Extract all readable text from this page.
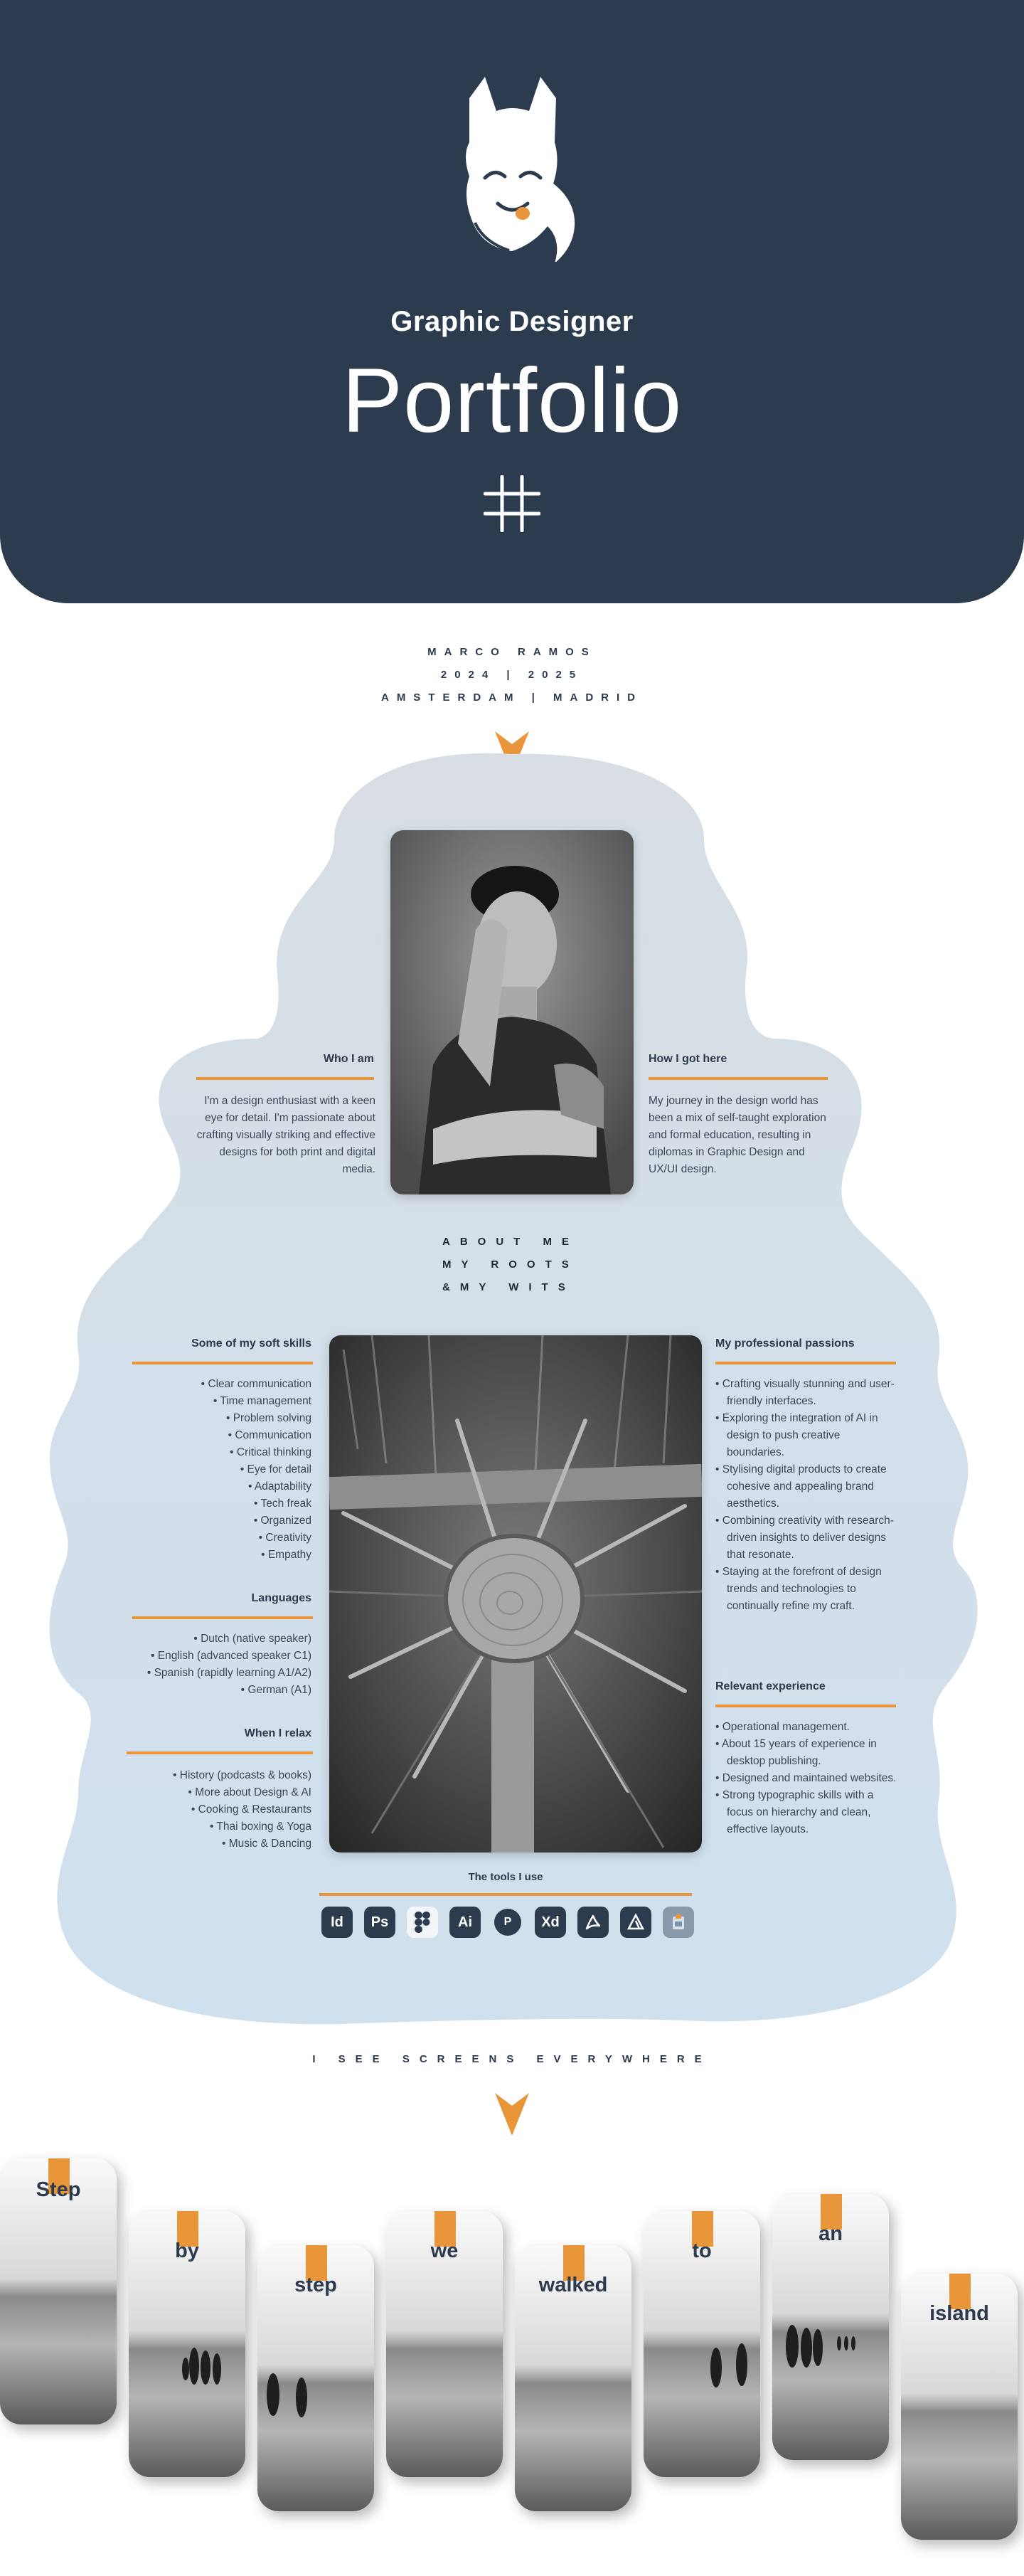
Graphic Designer
Portfolio
MARCO RAMOS
2024 | 2025
AMSTERDAM | MADRID
Who I am
I'm a design enthusiast with a keen eye for detail. I'm passionate about crafting visually striking and effective designs for both print and digital media.
How I got here
My journey in the design world has been a mix of self-taught exploration and formal education, resulting in diplomas in Graphic Design and UX/UI design.
ABOUT ME
MY ROOTS
&MY WITS
Some of my soft skills
• Clear communication
• Time management
• Problem solving
• Communication
• Critical thinking
• Eye for detail
• Adaptability
• Tech freak
• Organized
• Creativity
• Empathy
Languages
• Dutch (native speaker)
• English (advanced speaker C1)
• Spanish (rapidly learning A1/A2)
• German (A1)
When I relax
• History (podcasts & books)
• More about Design & AI
• Cooking & Restaurants
• Thai boxing & Yoga
• Music & Dancing
My professional passions
• Crafting visually stunning and user-friendly interfaces.
• Exploring the integration of AI in design to push creative boundaries.
• Stylising digital products to create cohesive and appealing brand aesthetics.
• Combining creativity with research-driven insights to deliver designs that resonate.
• Staying at the forefront of design trends and technologies to continually refine my craft.
Relevant experience
• Operational management.
• About 15 years of experience in desktop publishing.
• Designed and maintained websites.
• Strong typographic skills with a focus on hierarchy and clean, effective layouts.
The tools I use
Id Ps	Ai	P Xd
I SEE SCREENS EVERYWHERE
Step
by
step
we
walked
to
an
island
